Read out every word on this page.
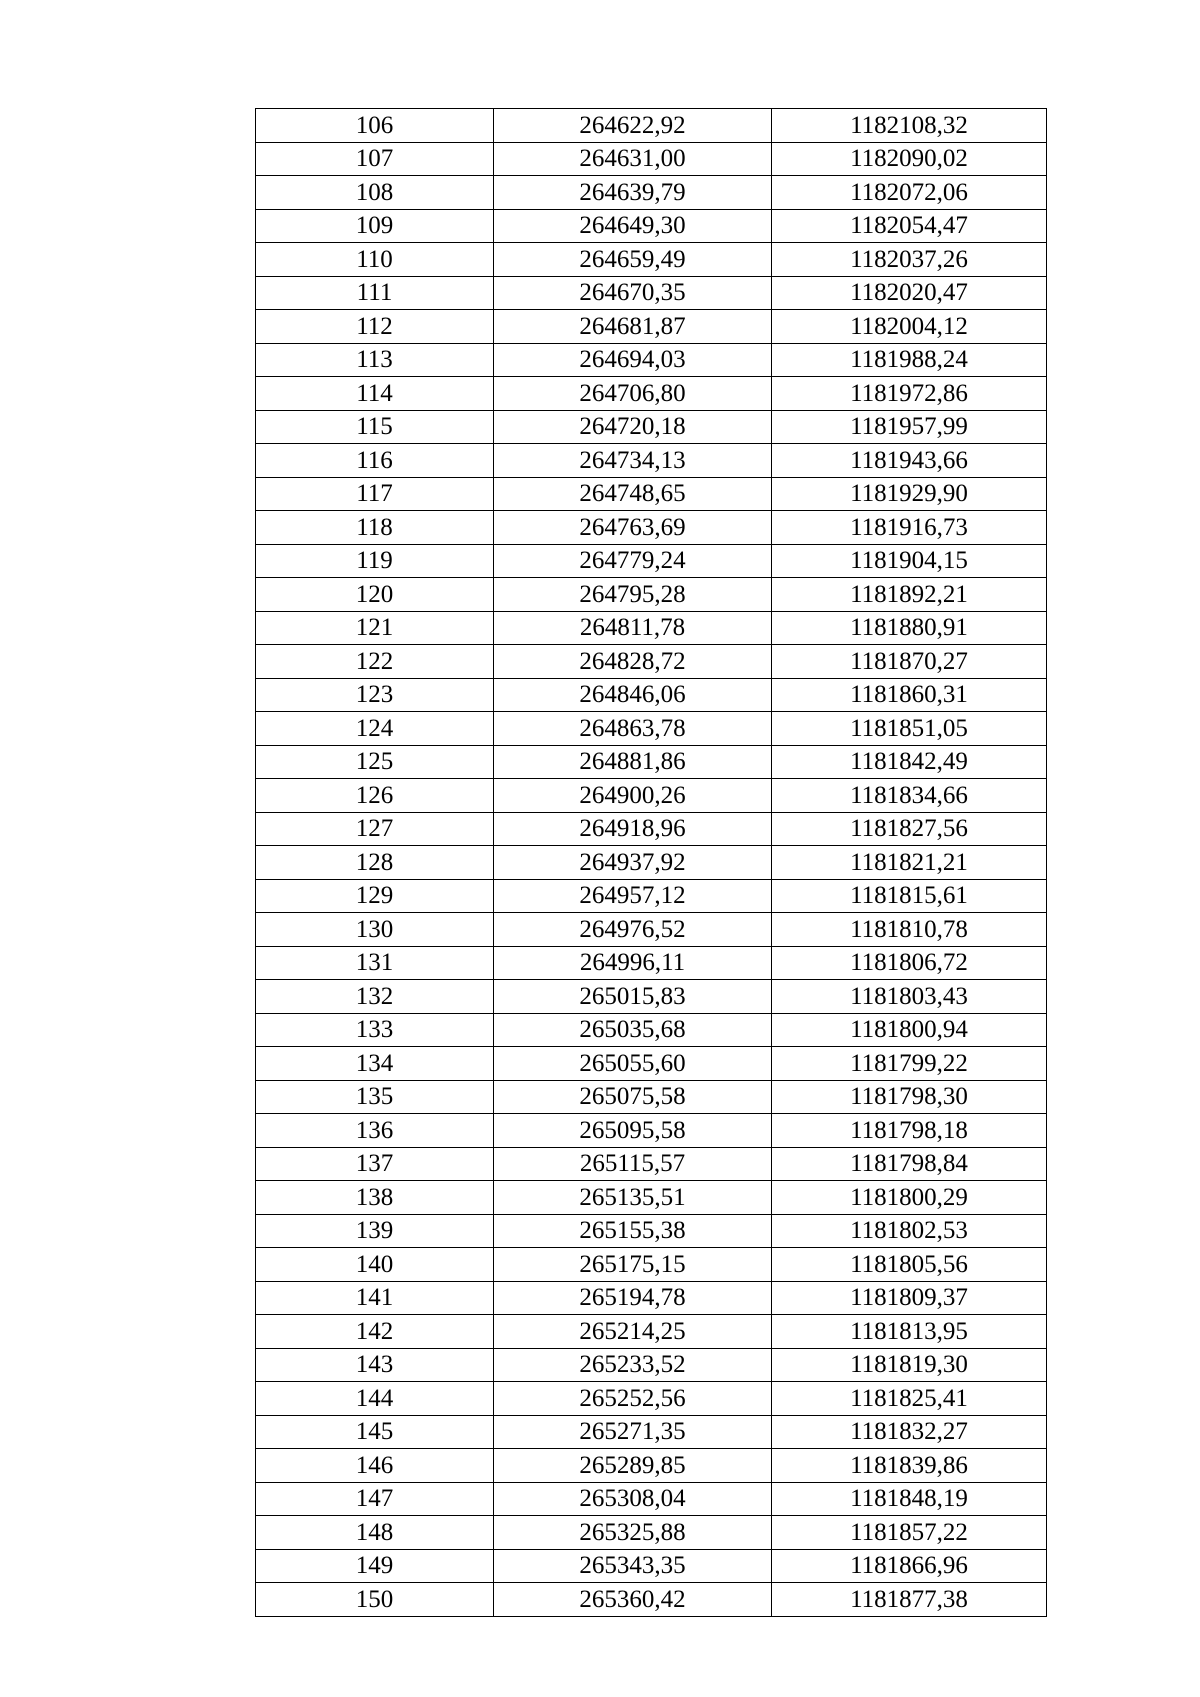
106	264622,92	1182108,32
107	264631,00	1182090,02
108	264639,79	1182072,06
109	264649,30	1182054,47
110	264659,49	1182037,26
111	264670,35	1182020,47
112	264681,87	1182004,12
113	264694,03	1181988,24
114	264706,80	1181972,86
115	264720,18	1181957,99
116	264734,13	1181943,66
117	264748,65	1181929,90
118	264763,69	1181916,73
119	264779,24	1181904,15
120	264795,28	1181892,21
121	264811,78	1181880,91
122	264828,72	1181870,27
123	264846,06	1181860,31
124	264863,78	1181851,05
125	264881,86	1181842,49
126	264900,26	1181834,66
127	264918,96	1181827,56
128	264937,92	1181821,21
129	264957,12	1181815,61
130	264976,52	1181810,78
131	264996,11	1181806,72
132	265015,83	1181803,43
133	265035,68	1181800,94
134	265055,60	1181799,22
135	265075,58	1181798,30
136	265095,58	1181798,18
137	265115,57	1181798,84
138	265135,51	1181800,29
139	265155,38	1181802,53
140	265175,15	1181805,56
141	265194,78	1181809,37
142	265214,25	1181813,95
143	265233,52	1181819,30
144	265252,56	1181825,41
145	265271,35	1181832,27
146	265289,85	1181839,86
147	265308,04	1181848,19
148	265325,88	1181857,22
149	265343,35	1181866,96
150	265360,42	1181877,38
